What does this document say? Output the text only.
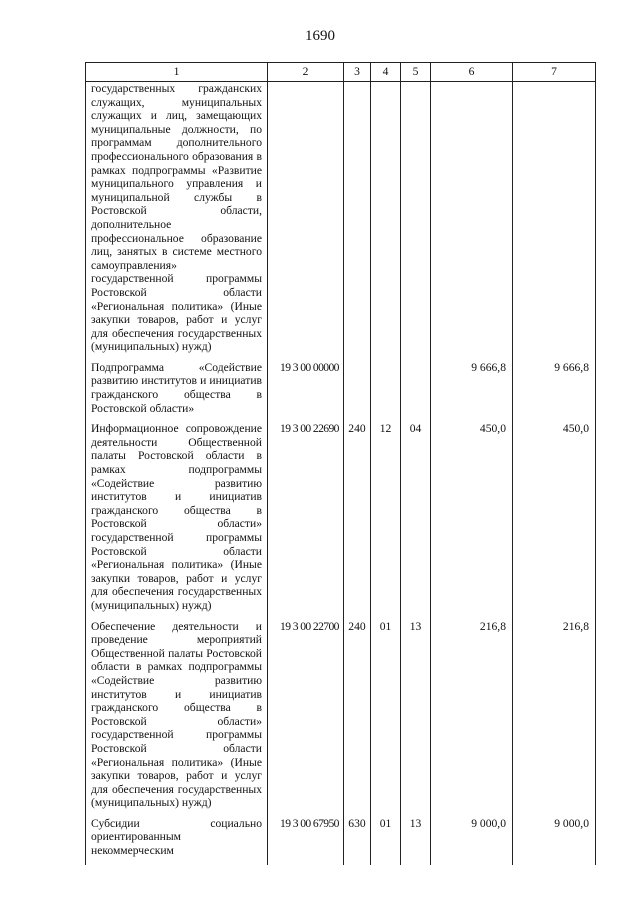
1690
1	2	3	4	5	6	7
государственных гражданских служащих, муниципальных служащих и лиц, замещающих муниципальные должности, по программам дополнительного профессионального образования в рамках подпрограммы «Развитие муниципального управления и муниципальной службы в Ростовской области, дополнительное профессиональное образование лиц, занятых в системе местного самоуправления» государственной программы Ростовской области «Региональная политика» (Иные закупки товаров, работ и услуг для обеспечения государственных (муниципальных) нужд)						
Подпрограмма «Содействие развитию институтов и инициатив гражданского общества в Ростовской области»	19 3 00 00000				9 666,8	9 666,8
Информационное сопровождение деятельности Общественной палаты Ростовской области в рамках подпрограммы «Содействие развитию институтов и инициатив гражданского общества в Ростовской области» государственной программы Ростовской области «Региональная политика» (Иные закупки товаров, работ и услуг для обеспечения государственных (муниципальных) нужд)	19 3 00 22690	240	12	04	450,0	450,0
Обеспечение деятельности и проведение мероприятий Общественной палаты Ростовской области в рамках подпрограммы «Содействие развитию институтов и инициатив гражданского общества в Ростовской области» государственной программы Ростовской области «Региональная политика» (Иные закупки товаров, работ и услуг для обеспечения государственных (муниципальных) нужд)	19 3 00 22700	240	01	13	216,8	216,8
Субсидии социально ориентированным некоммерческим	19 3 00 67950	630	01	13	9 000,0	9 000,0
